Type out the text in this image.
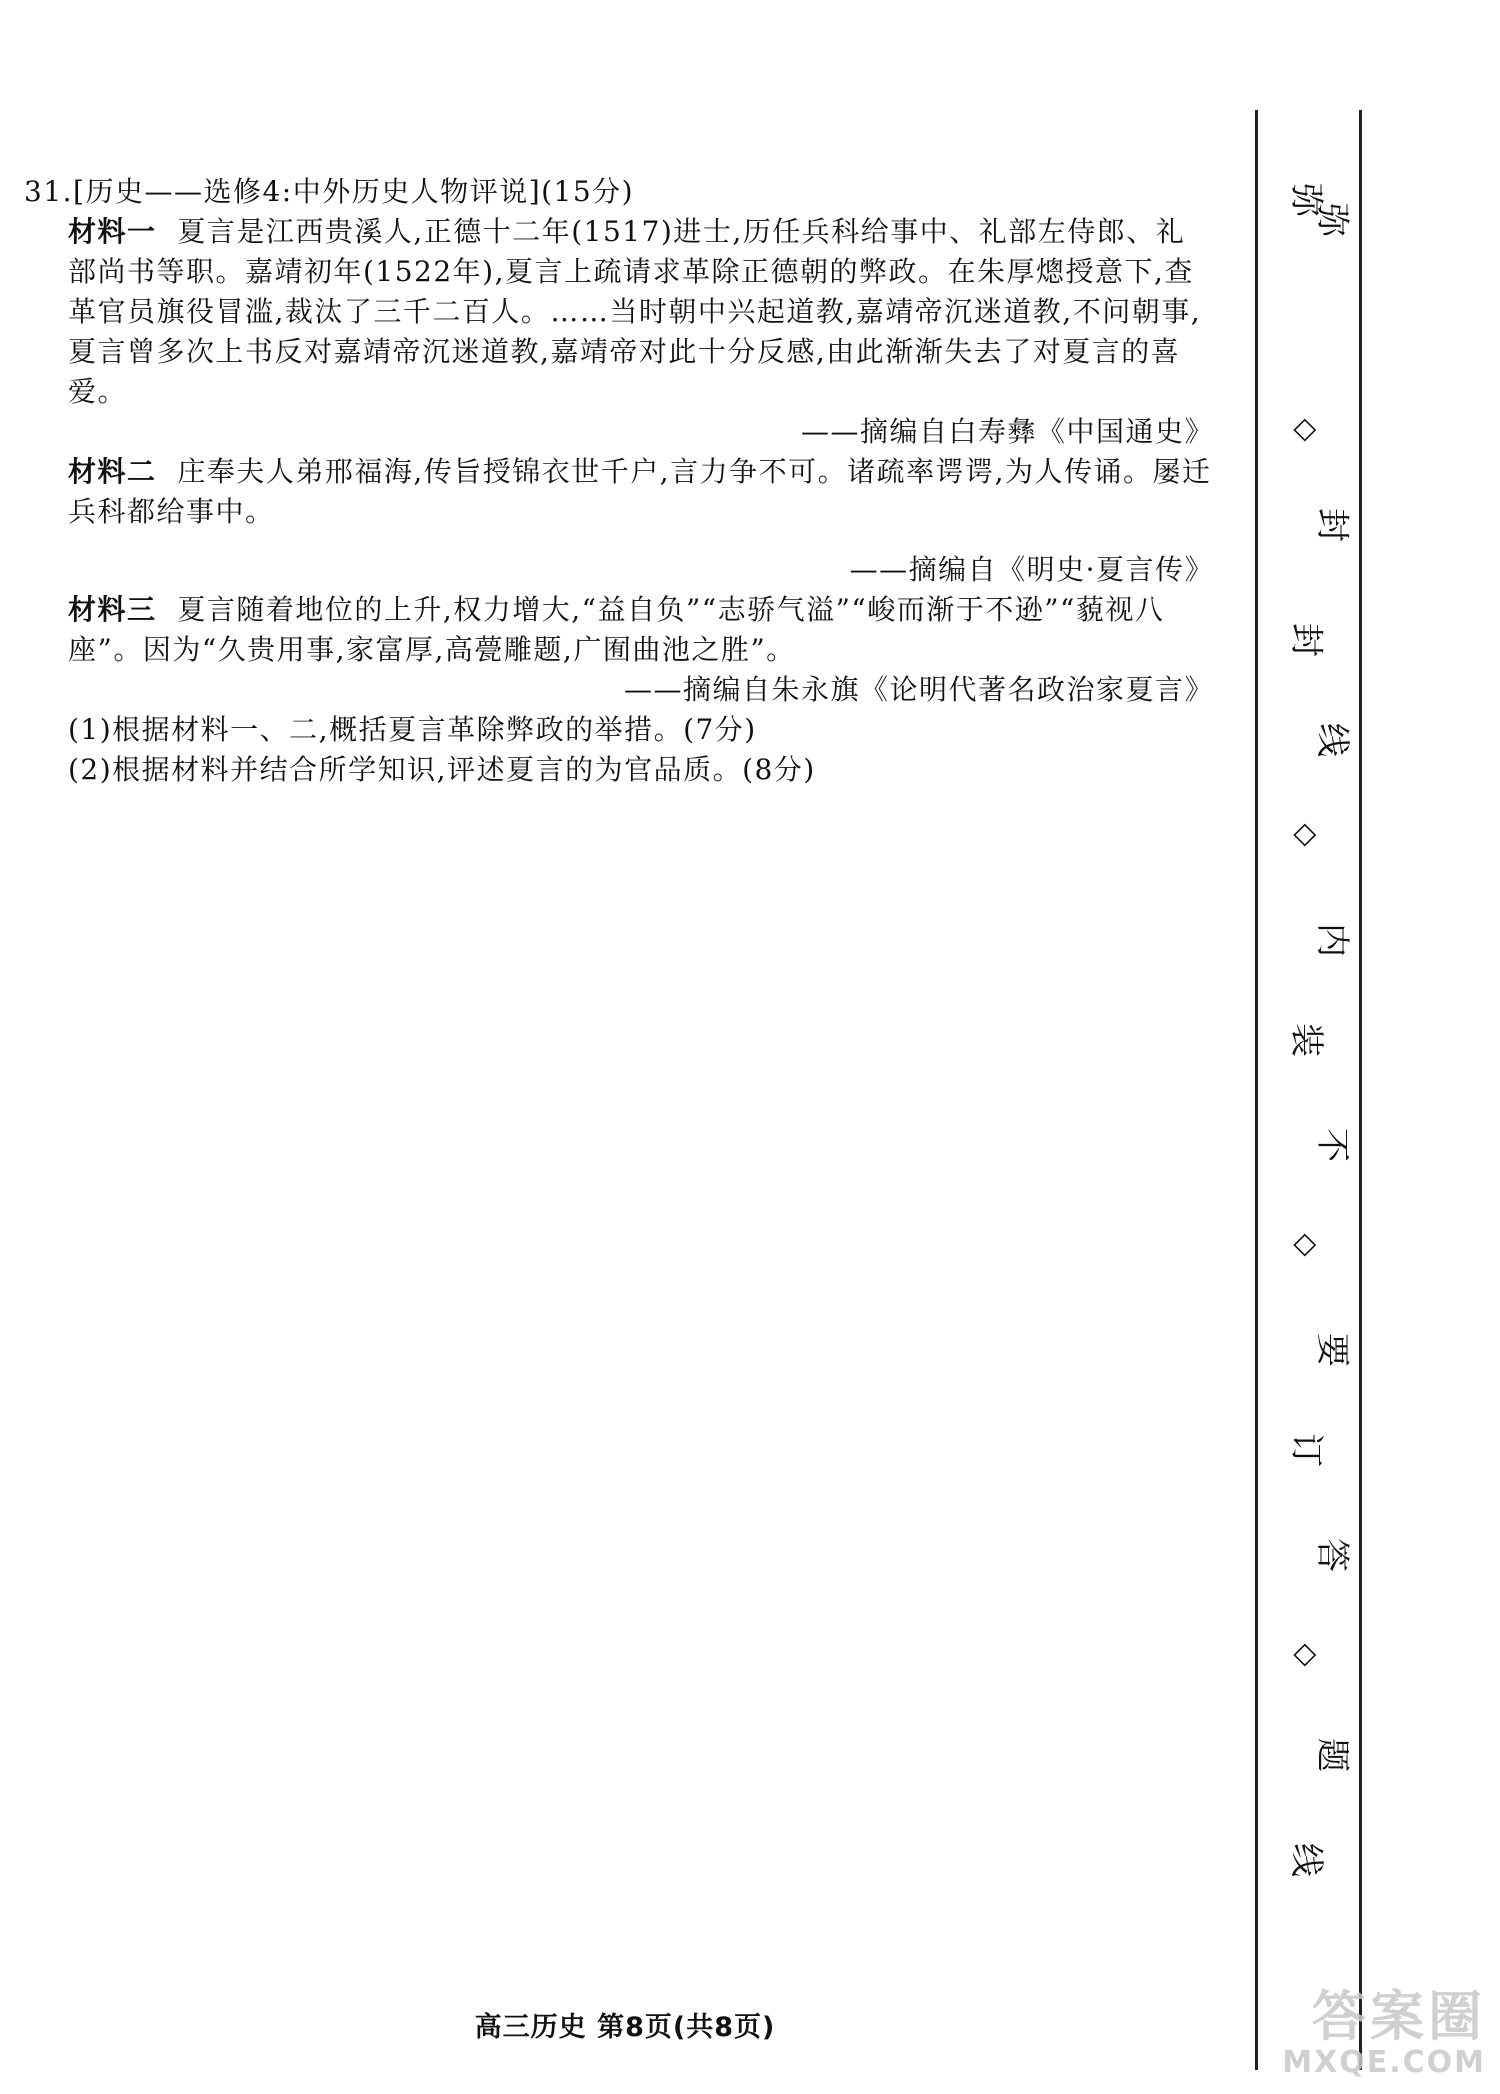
31.[历史——选修4:中外历史人物评说](15分)

材料一 夏言是江西贵溪人,正德十二年(1517)进士,历任兵科给事中、礼部左侍郎、礼部尚书等职。嘉靖初年(1522年),夏言上疏请求革除正德朝的弊政。在朱厚熜授意下,查革官员旗役冒滥,裁汰了三千二百人。……当时朝中兴起道教,嘉靖帝沉迷道教,不问朝事,夏言曾多次上书反对嘉靖帝沉迷道教,嘉靖帝对此十分反感,由此渐渐失去了对夏言的喜爱。

——摘编自白寿彝《中国通史》

材料二 庄奉夫人弟邢福海,传旨授锦衣世千户,言力争不可。诸疏率谔谔,为人传诵。屡迁兵科都给事中。

——摘编自《明史·夏言传》

材料三 夏言随着地位的上升,权力增大,“益自负”“志骄气溢”“峻而渐于不逊”“藐视八座”。因为“久贵用事,家富厚,高甍雕题,广囿曲池之胜”。

——摘编自朱永旗《论明代著名政治家夏言》

(1)根据材料一、二,概括夏言革除弊政的举措。(7分)

(2)根据材料并结合所学知识,评述夏言的为官品质。(8分)

高三历史 第8页(共8页)
弥
◇
封
◇
装
◇
订
◇
线
弥
封
线
内
不
要
答
题
答案圈
MXQE.COM
